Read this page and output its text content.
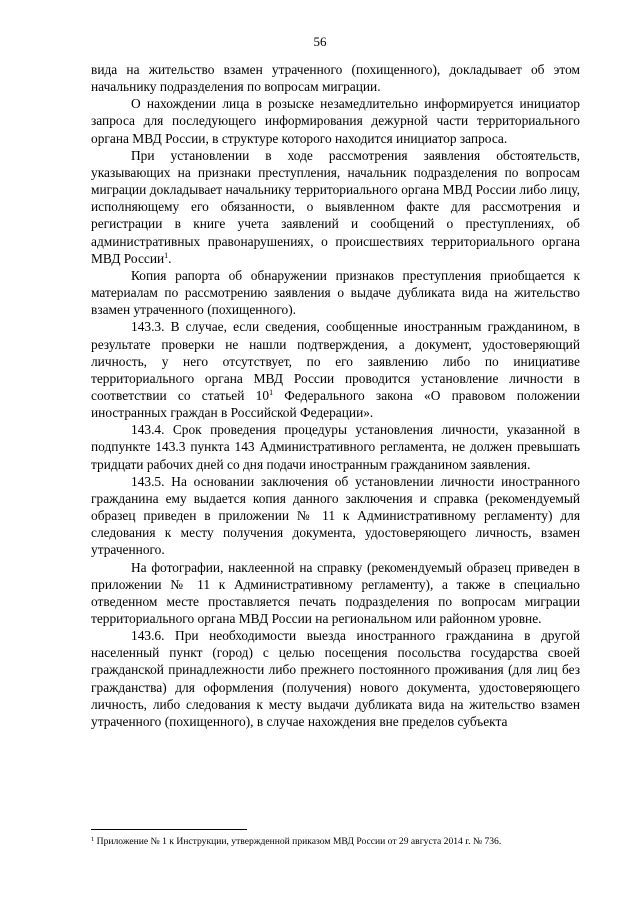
56

вида на жительство взамен утраченного (похищенного), докладывает об этом начальнику подразделения по вопросам миграции.

О нахождении лица в розыске незамедлительно информируется инициатор запроса для последующего информирования дежурной части территориального органа МВД России, в структуре которого находится инициатор запроса.

При установлении в ходе рассмотрения заявления обстоятельств, указывающих на признаки преступления, начальник подразделения по вопросам миграции докладывает начальнику территориального органа МВД России либо лицу, исполняющему его обязанности, о выявленном факте для рассмотрения и регистрации в книге учета заявлений и сообщений о преступлениях, об административных правонарушениях, о происшествиях территориального органа МВД России$^1$.

Копия рапорта об обнаружении признаков преступления приобщается к материалам по рассмотрению заявления о выдаче дубликата вида на жительство взамен утраченного (похищенного).

143.3. В случае, если сведения, сообщенные иностранным гражданином, в результате проверки не нашли подтверждения, а документ, удостоверяющий личность, у него отсутствует, по его заявлению либо по инициативе территориального органа МВД России проводится установление личности в соответствии со статьей $10^1$ Федерального закона «О правовом положении иностранных граждан в Российской Федерации».

143.4. Срок проведения процедуры установления личности, указанной в подпункте 143.3 пункта 143 Административного регламента, не должен превышать тридцати рабочих дней со дня подачи иностранным гражданином заявления.

143.5. На основании заключения об установлении личности иностранного гражданина ему выдается копия данного заключения и справка (рекомендуемый образец приведен в приложении № 11 к Административному регламенту) для следования к месту получения документа, удостоверяющего личность, взамен утраченного.

На фотографии, наклеенной на справку (рекомендуемый образец приведен в приложении № 11 к Административному регламенту), а также в специально отведенном месте проставляется печать подразделения по вопросам миграции территориального органа МВД России на региональном или районном уровне.

143.6. При необходимости выезда иностранного гражданина в другой населенный пункт (город) с целью посещения посольства государства своей гражданской принадлежности либо прежнего постоянного проживания (для лиц без гражданства) для оформления (получения) нового документа, удостоверяющего личность, либо следования к месту выдачи дубликата вида на жительство взамен утраченного (похищенного), в случае нахождения вне пределов субъекта

$^1$ Приложение № 1 к Инструкции, утвержденной приказом МВД России от 29 августа 2014 г. № 736.
